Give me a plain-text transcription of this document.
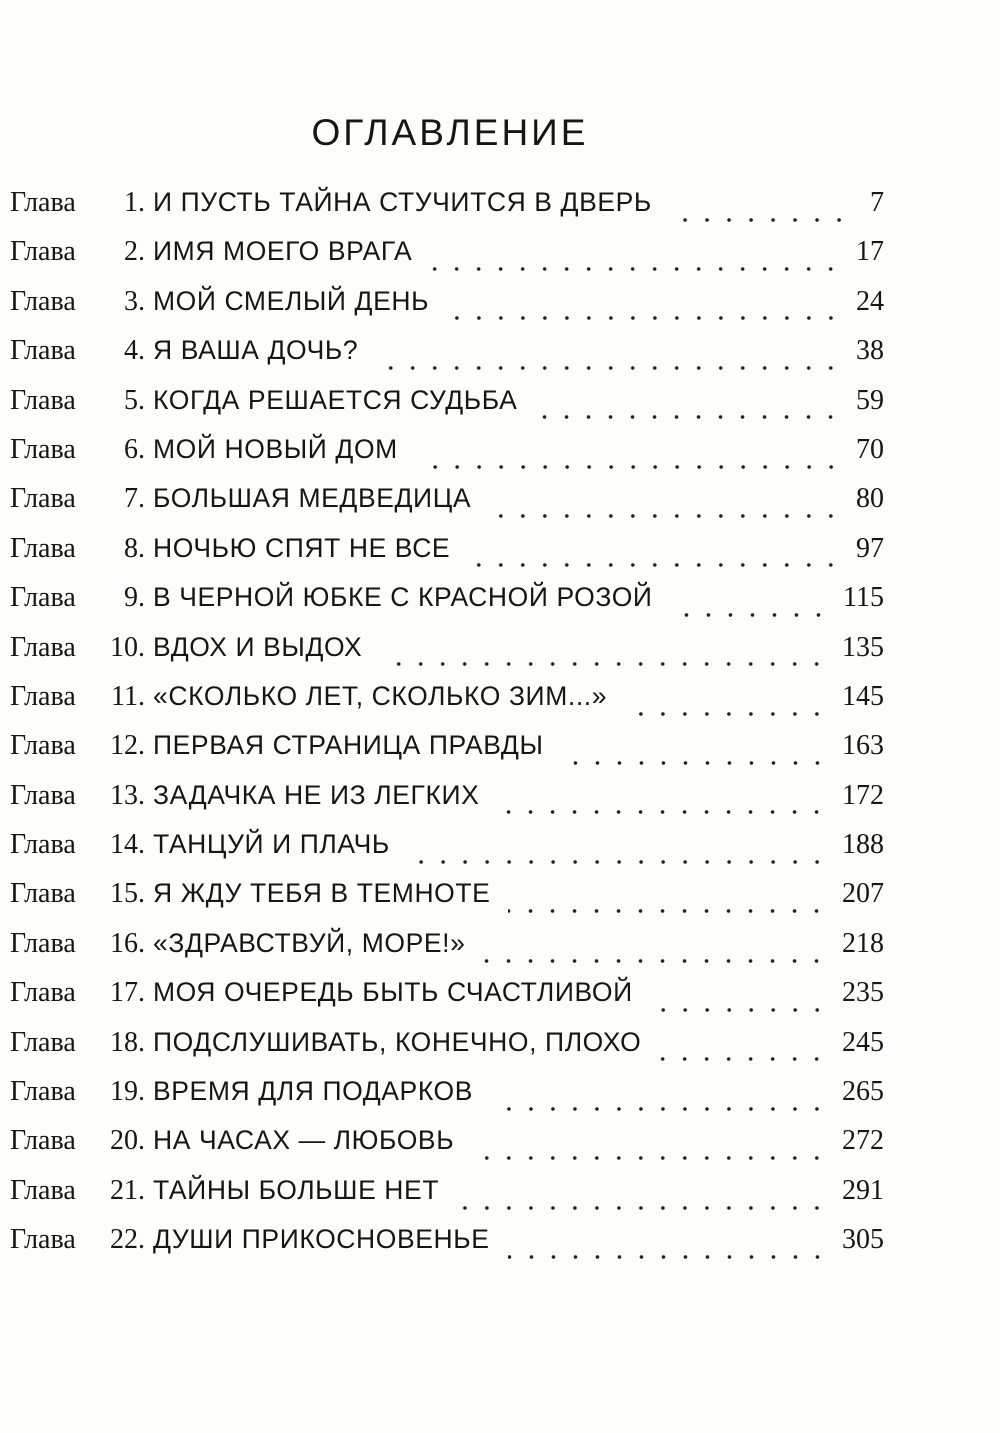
ОГЛАВЛЕНИЕ
Глава	1 . И ПУСТЬ ТАЙНА СТУЧИТСЯ В ДВЕРЬ	7
Глава	2 . ИМЯ МОЕГО ВРАГА	17
Глава	3 . МОЙ СМЕЛЫЙ ДЕНЬ	24
Глава	4 . Я ВАША ДОЧЬ?	38
Глава	5 . КОГДА РЕШАЕТСЯ СУДЬБА	59
Глава	6 . МОЙ НОВЫЙ ДОМ	70
Глава	7 . БОЛЬШАЯ МЕДВЕДИЦА	80
Глава	8 . НОЧЬЮ СПЯТ НЕ ВСЕ	97
Глава	9 . В ЧЕРНОЙ ЮБКЕ С КРАСНОЙ РОЗОЙ	115
Глава	10 . ВДОХ И ВЫДОХ	135
Глава	11 . «СКОЛЬКО ЛЕТ, СКОЛЬКО ЗИМ...»	145
Глава	12 . ПЕРВАЯ СТРАНИЦА ПРАВДЫ	163
Глава	13 . ЗАДАЧКА НЕ ИЗ ЛЕГКИХ	172
Глава	14 . ТАНЦУЙ И ПЛАЧЬ	188
Глава	15 . Я ЖДУ ТЕБЯ В ТЕМНОТЕ	207
Глава	16 . «ЗДРАВСТВУЙ, МОРЕ!»	218
Глава	17 . МОЯ ОЧЕРЕДЬ БЫТЬ СЧАСТЛИВОЙ	235
Глава	18 . ПОДСЛУШИВАТЬ, КОНЕЧНО, ПЛОХО	245
Глава	19 . ВРЕМЯ ДЛЯ ПОДАРКОВ	265
Глава	20 . НА ЧАСАХ — ЛЮБОВЬ	272
Глава	21 . ТАЙНЫ БОЛЬШЕ НЕТ	291
Глава	22 . ДУШИ ПРИКОСНОВЕНЬЕ	305
